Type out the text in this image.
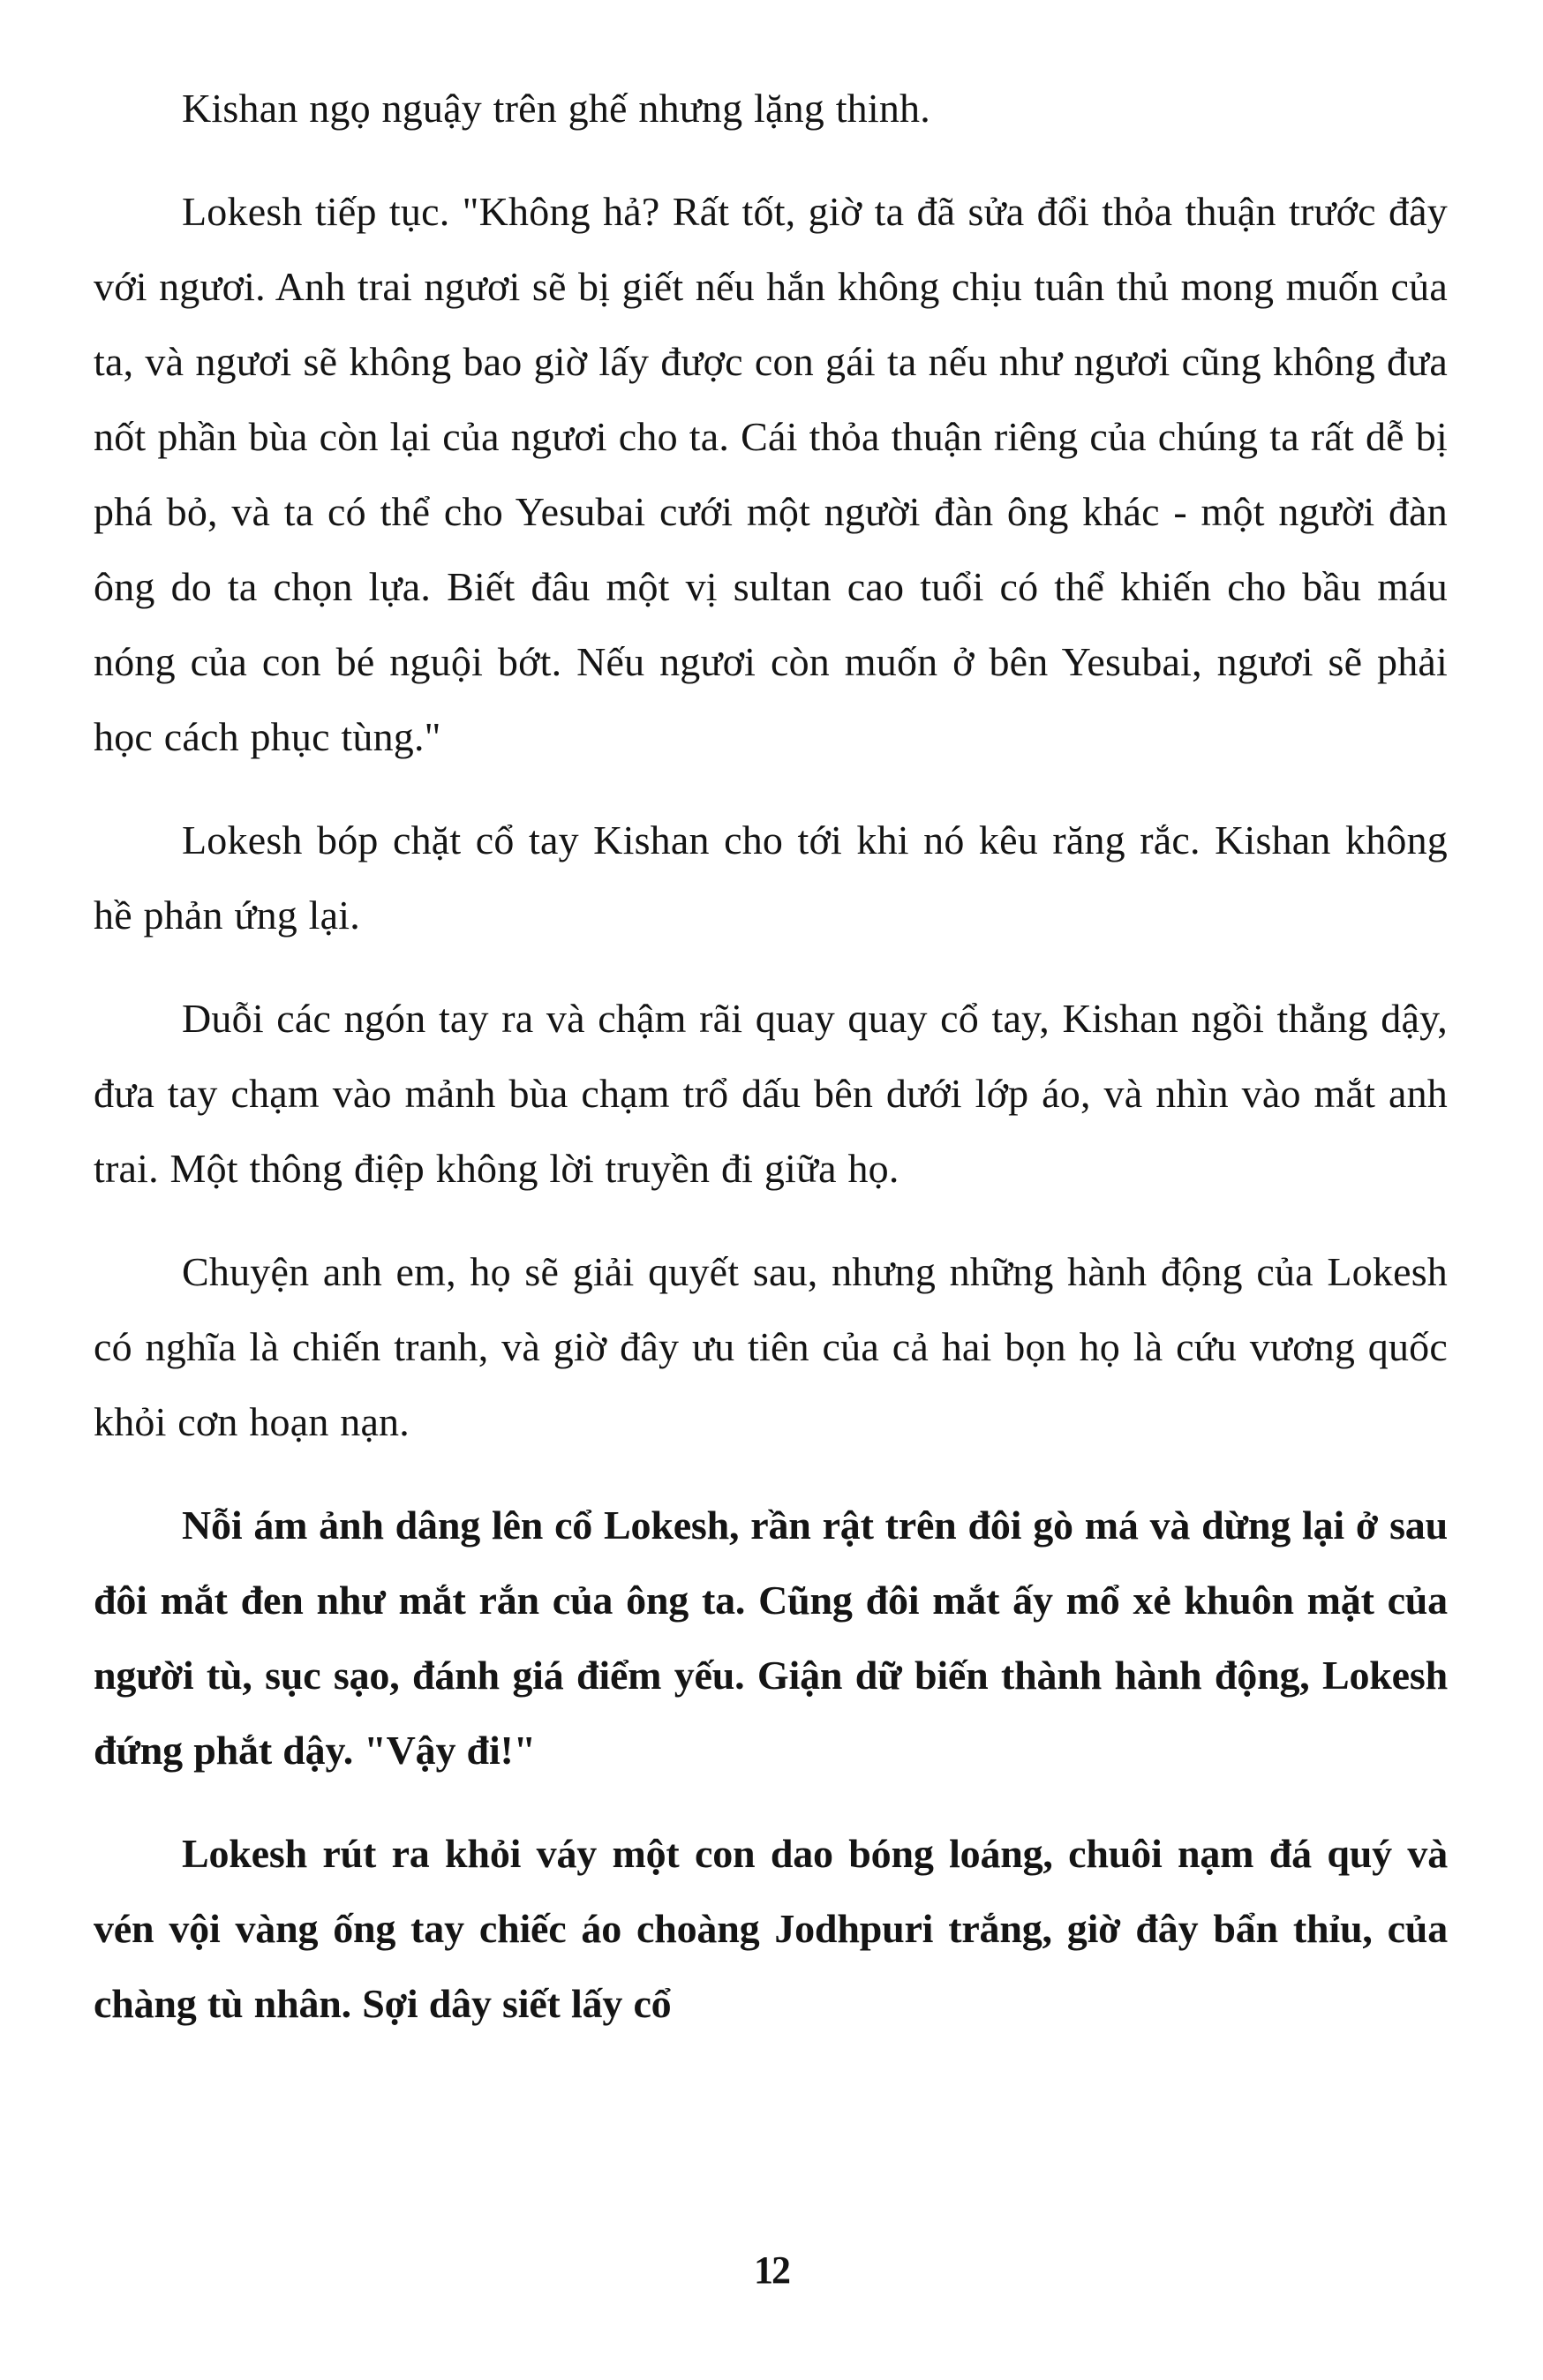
Kishan ngọ nguậy trên ghế nhưng lặng thinh.

Lokesh tiếp tục. "Không hả? Rất tốt, giờ ta đã sửa đổi thỏa thuận trước đây với ngươi. Anh trai ngươi sẽ bị giết nếu hắn không chịu tuân thủ mong muốn của ta, và ngươi sẽ không bao giờ lấy được con gái ta nếu như ngươi cũng không đưa nốt phần bùa còn lại của ngươi cho ta. Cái thỏa thuận riêng của chúng ta rất dễ bị phá bỏ, và ta có thể cho Yesubai cưới một người đàn ông khác - một người đàn ông do ta chọn lựa. Biết đâu một vị sultan cao tuổi có thể khiến cho bầu máu nóng của con bé nguội bớt. Nếu ngươi còn muốn ở bên Yesubai, ngươi sẽ phải học cách phục tùng."

Lokesh bóp chặt cổ tay Kishan cho tới khi nó kêu răng rắc. Kishan không hề phản ứng lại.

Duỗi các ngón tay ra và chậm rãi quay quay cổ tay, Kishan ngồi thẳng dậy, đưa tay chạm vào mảnh bùa chạm trổ dấu bên dưới lớp áo, và nhìn vào mắt anh trai. Một thông điệp không lời truyền đi giữa họ.

Chuyện anh em, họ sẽ giải quyết sau, nhưng những hành động của Lokesh có nghĩa là chiến tranh, và giờ đây ưu tiên của cả hai bọn họ là cứu vương quốc khỏi cơn hoạn nạn.

Nỗi ám ảnh dâng lên cổ Lokesh, rần rật trên đôi gò má và dừng lại ở sau đôi mắt đen như mắt rắn của ông ta. Cũng đôi mắt ấy mổ xẻ khuôn mặt của người tù, sục sạo, đánh giá điểm yếu. Giận dữ biến thành hành động, Lokesh đứng phắt dậy. "Vậy đi!"

Lokesh rút ra khỏi váy một con dao bóng loáng, chuôi nạm đá quý và vén vội vàng ống tay chiếc áo choàng Jodhpuri trắng, giờ đây bẩn thỉu, của chàng tù nhân. Sợi dây siết lấy cổ

12
